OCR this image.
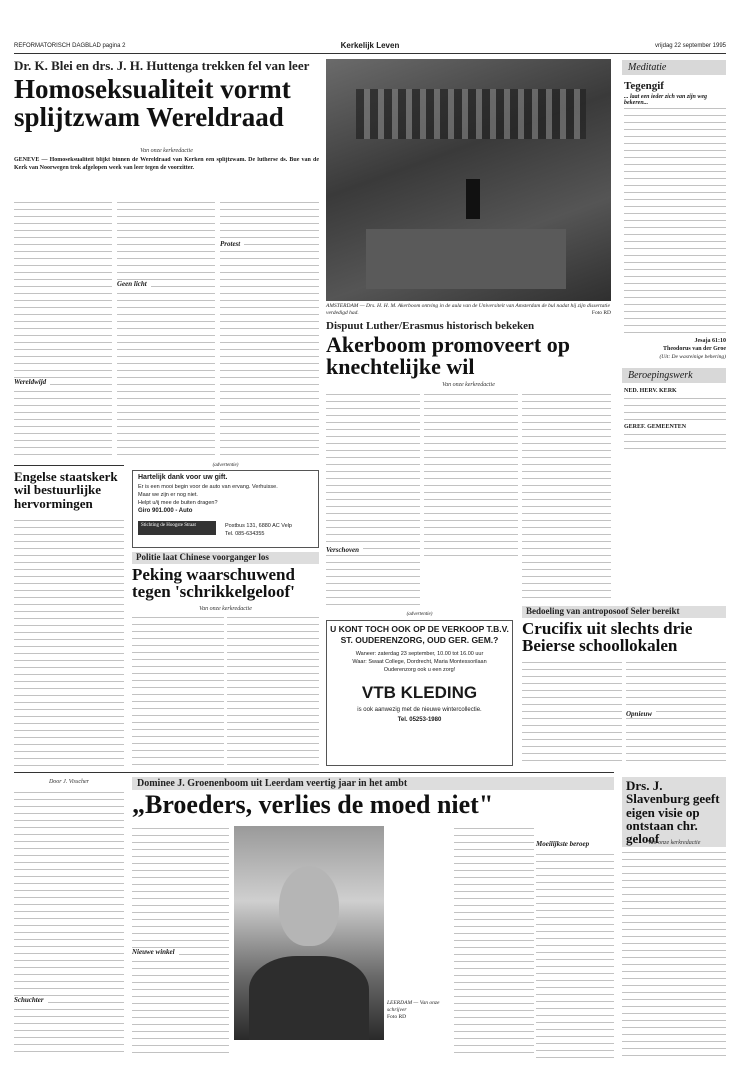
REFORMATORISCH DAGBLAD pagina 2	Kerkelijk Leven	vrijdag 22 september 1995
Dr. K. Blei en drs. J. H. Huttenga trekken fel van leer
Homoseksualiteit vormt splijtzwam Wereldraad
Van onze kerkredactie
GENÈVE — Homoseksualiteit blijkt binnen de Wereldraad van Kerken een splijtzwam. De lutherse ds. Bue van de Kerk van Noorwegen trok afgelopen week van leer tegen de voorzitter.
Wereldwijd
Geen licht
Protest
AMSTERDAM — Drs. H. H. M. Akerboom ontving in de aula van de Universiteit van Amsterdam de bul nadat hij zijn dissertatie verdedigd had.	Foto RD
Dispuut Luther/Erasmus historisch bekeken
Akerboom promoveert op knechtelijke wil
Van onze kerkredactie
Verschoven
Meditatie
Tegengif
... laat een ieder zich van zijn weg bekeren...
Jesaja 61:10
Theodorus van der Groe
(Uit: De wasreinige behering)
Beroepingswerk
NED. HERV. KERK
GEREF. GEMEENTEN
Engelse staatskerk wil bestuurlijke hervormingen
(advertentie)
Hartelijk dank voor uw gift.
Er is een mooi begin voor de auto van ervang. Verhuisse.
Maar we zijn er nog niet.
Helpt u/ij mee de buiten dragen?
Giro 901.000 - Auto
Stichting de Hoogste Straat	Postbus 131, 6880 AC Velp
Tel. 085-634355
Politie laat Chinese voorganger los
Peking waarschuwend tegen 'schrikkelgeloof'
Van onze kerkredactie
(advertentie)
U KONT TOCH OOK OP DE VERKOOP T.B.V.
ST. OUDERENZORG, OUD GER. GEM.?
Waneer: zaterdag 23 september, 10.00 tot 16.00 uur
Waar: Swaat College, Dordrecht, Maria Montessorilaan
Ouderenzorg ook u een zorg!
VTB KLEDING
is ook aanwezig met de nieuwe wintercollectie.
Tel. 05253-1980
Bedoeling van antroposoof Seler bereikt
Crucifix uit slechts drie Beierse schoollokalen
Opnieuw
Door J. Visscher	Dominee J. Groenenboom uit Leerdam veertig jaar in het ambt
„Broeders, verlies de moed niet"
Schuchter
Nieuwe winkel
LEERDAM — Van onze schrijver
Foto RD
Moeilijkste beroep
Drs. J. Slavenburg geeft eigen visie op ontstaan chr. geloof
Van onze kerkredactie
